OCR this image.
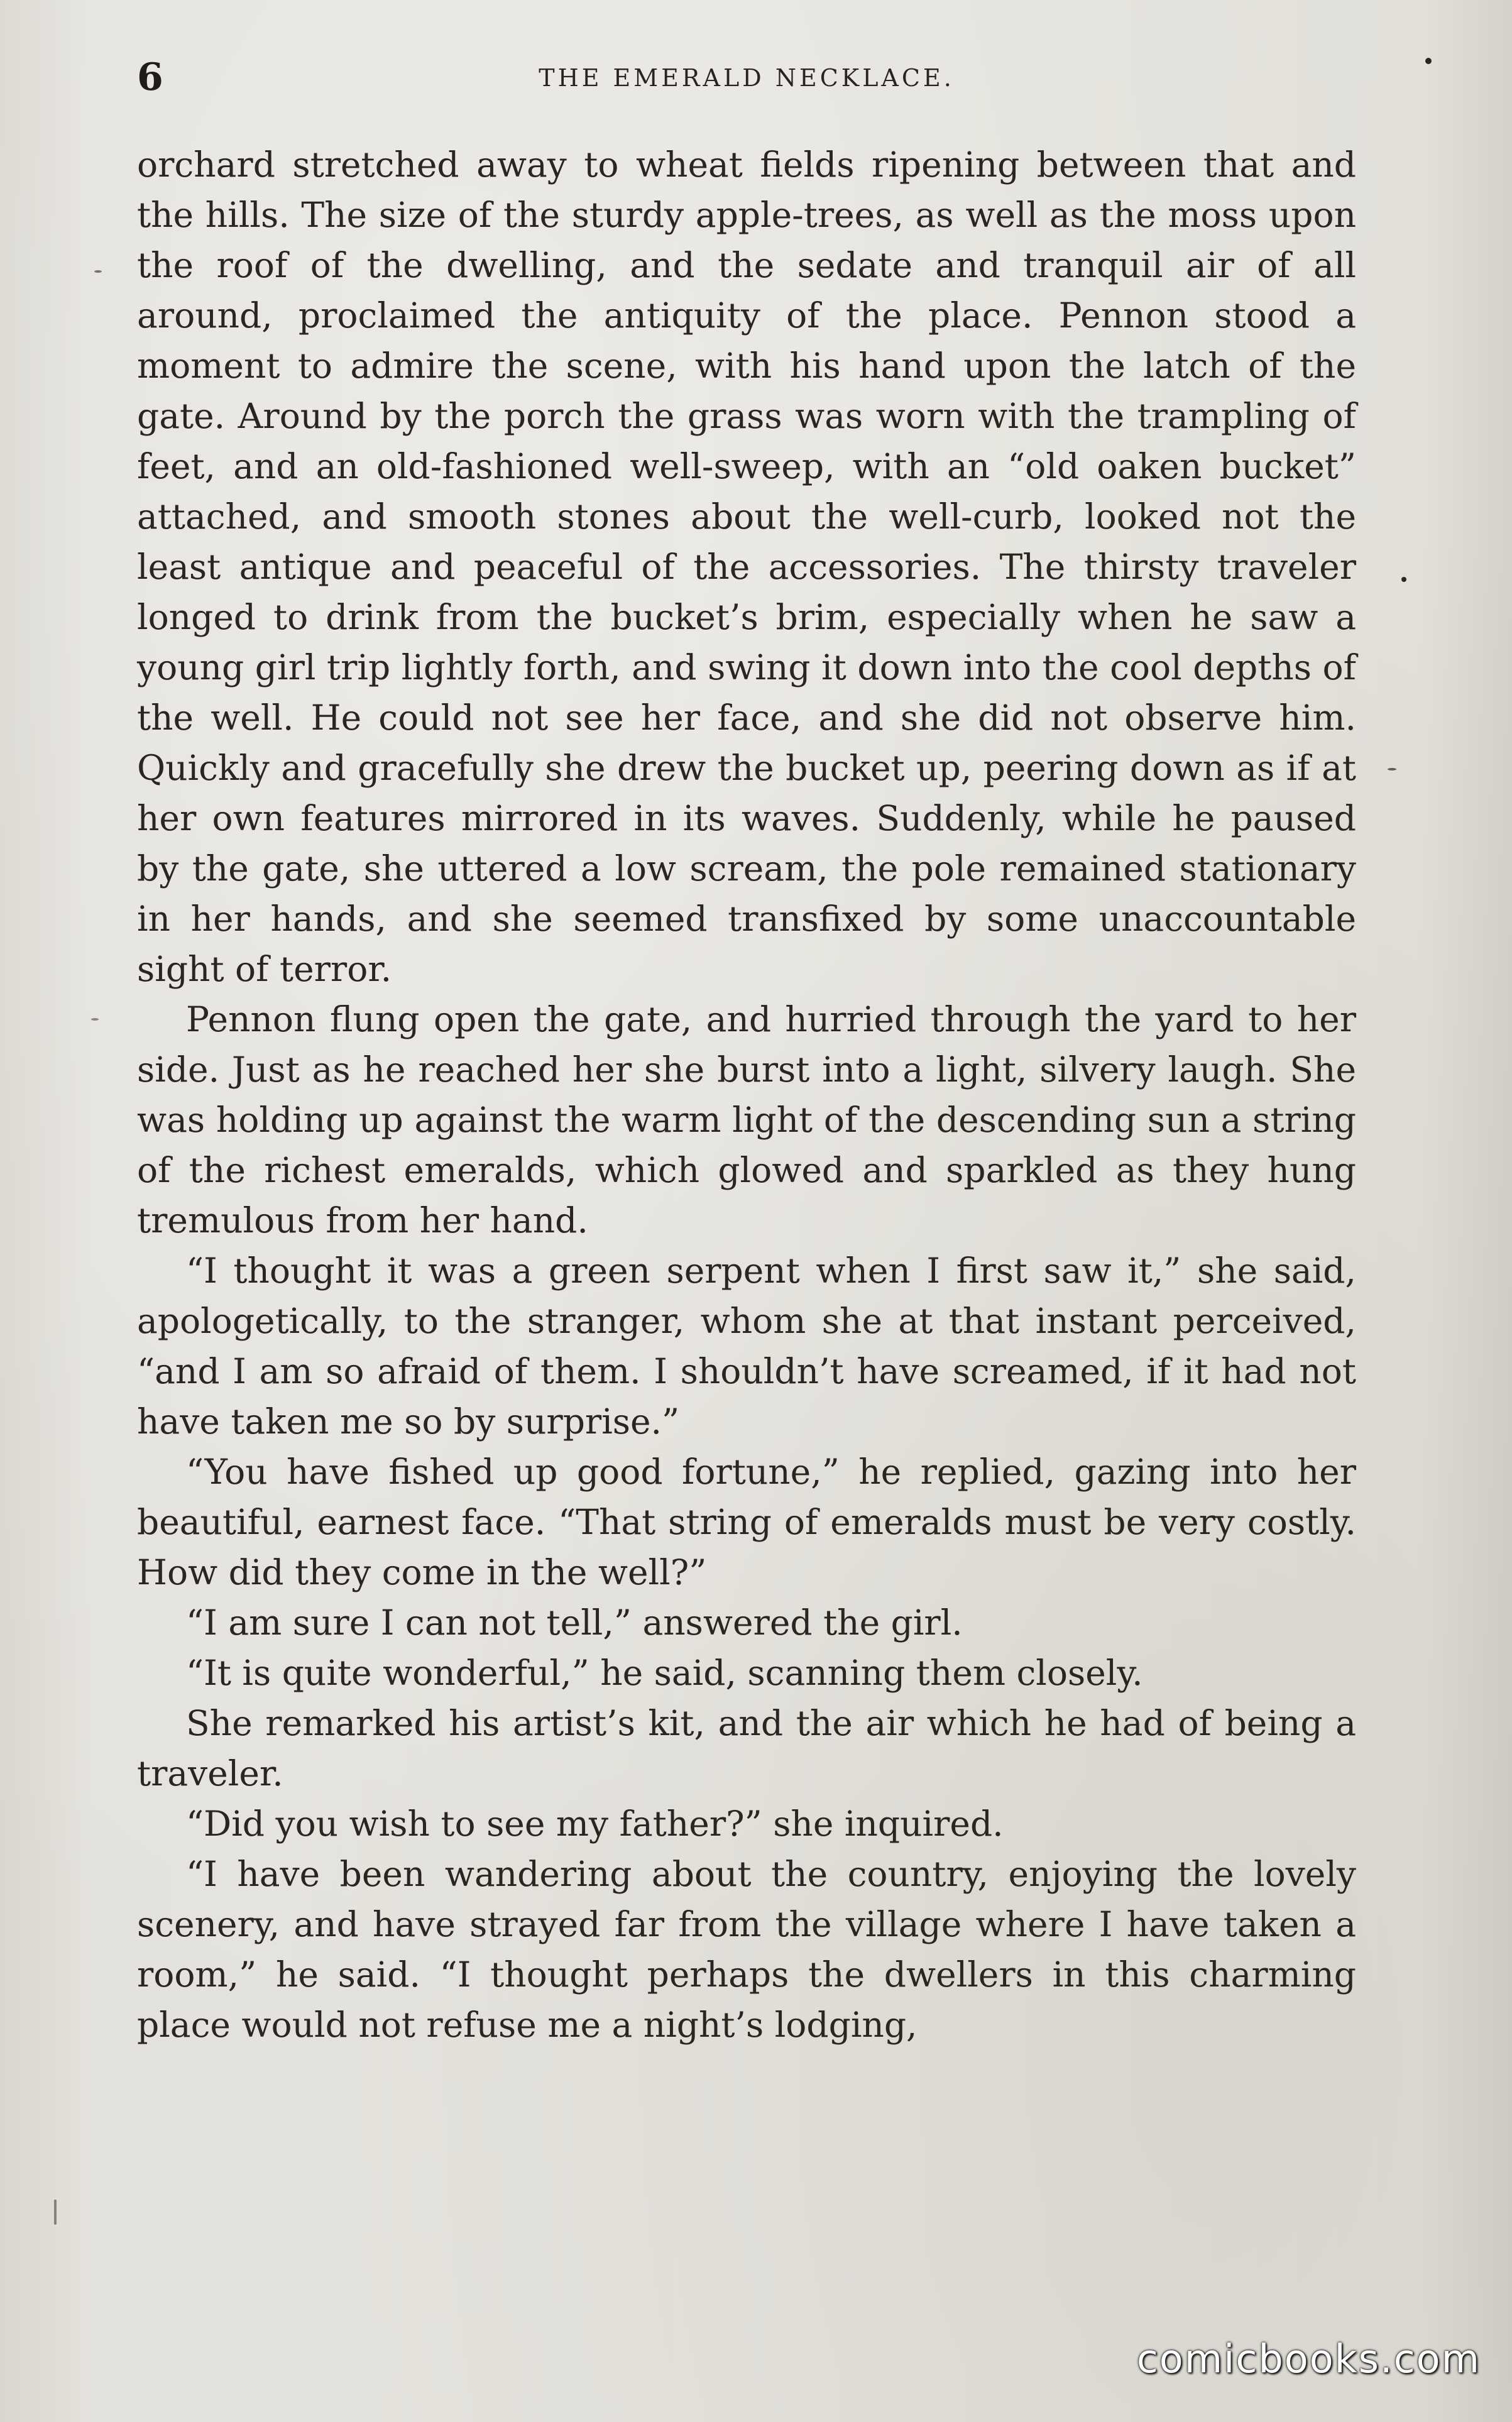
6	THE EMERALD NECKLACE.

orchard stretched away to wheat fields ripening between that and the hills. The size of the sturdy apple-trees, as well as the moss upon the roof of the dwelling, and the sedate and tranquil air of all around, proclaimed the antiquity of the place. Pennon stood a moment to admire the scene, with his hand upon the latch of the gate. Around by the porch the grass was worn with the trampling of feet, and an old-fashioned well-sweep, with an “old oaken bucket” attached, and smooth stones about the well-curb, looked not the least antique and peaceful of the accessories. The thirsty traveler longed to drink from the bucket’s brim, especially when he saw a young girl trip lightly forth, and swing it down into the cool depths of the well. He could not see her face, and she did not observe him. Quickly and gracefully she drew the bucket up, peering down as if at her own features mirrored in its waves. Suddenly, while he paused by the gate, she uttered a low scream, the pole remained stationary in her hands, and she seemed transfixed by some unaccountable sight of terror.

Pennon flung open the gate, and hurried through the yard to her side. Just as he reached her she burst into a light, silvery laugh. She was holding up against the warm light of the descending sun a string of the richest emeralds, which glowed and sparkled as they hung tremulous from her hand.

“I thought it was a green serpent when I first saw it,” she said, apologetically, to the stranger, whom she at that instant perceived, “and I am so afraid of them. I shouldn’t have screamed, if it had not have taken me so by surprise.”

“You have fished up good fortune,” he replied, gazing into her beautiful, earnest face. “That string of emeralds must be very costly. How did they come in the well?”

“I am sure I can not tell,” answered the girl.

“It is quite wonderful,” he said, scanning them closely.

She remarked his artist’s kit, and the air which he had of being a traveler.

“Did you wish to see my father?” she inquired.

“I have been wandering about the country, enjoying the lovely scenery, and have strayed far from the village where I have taken a room,” he said. “I thought perhaps the dwellers in this charming place would not refuse me a night’s lodging,

comicbooks.com
